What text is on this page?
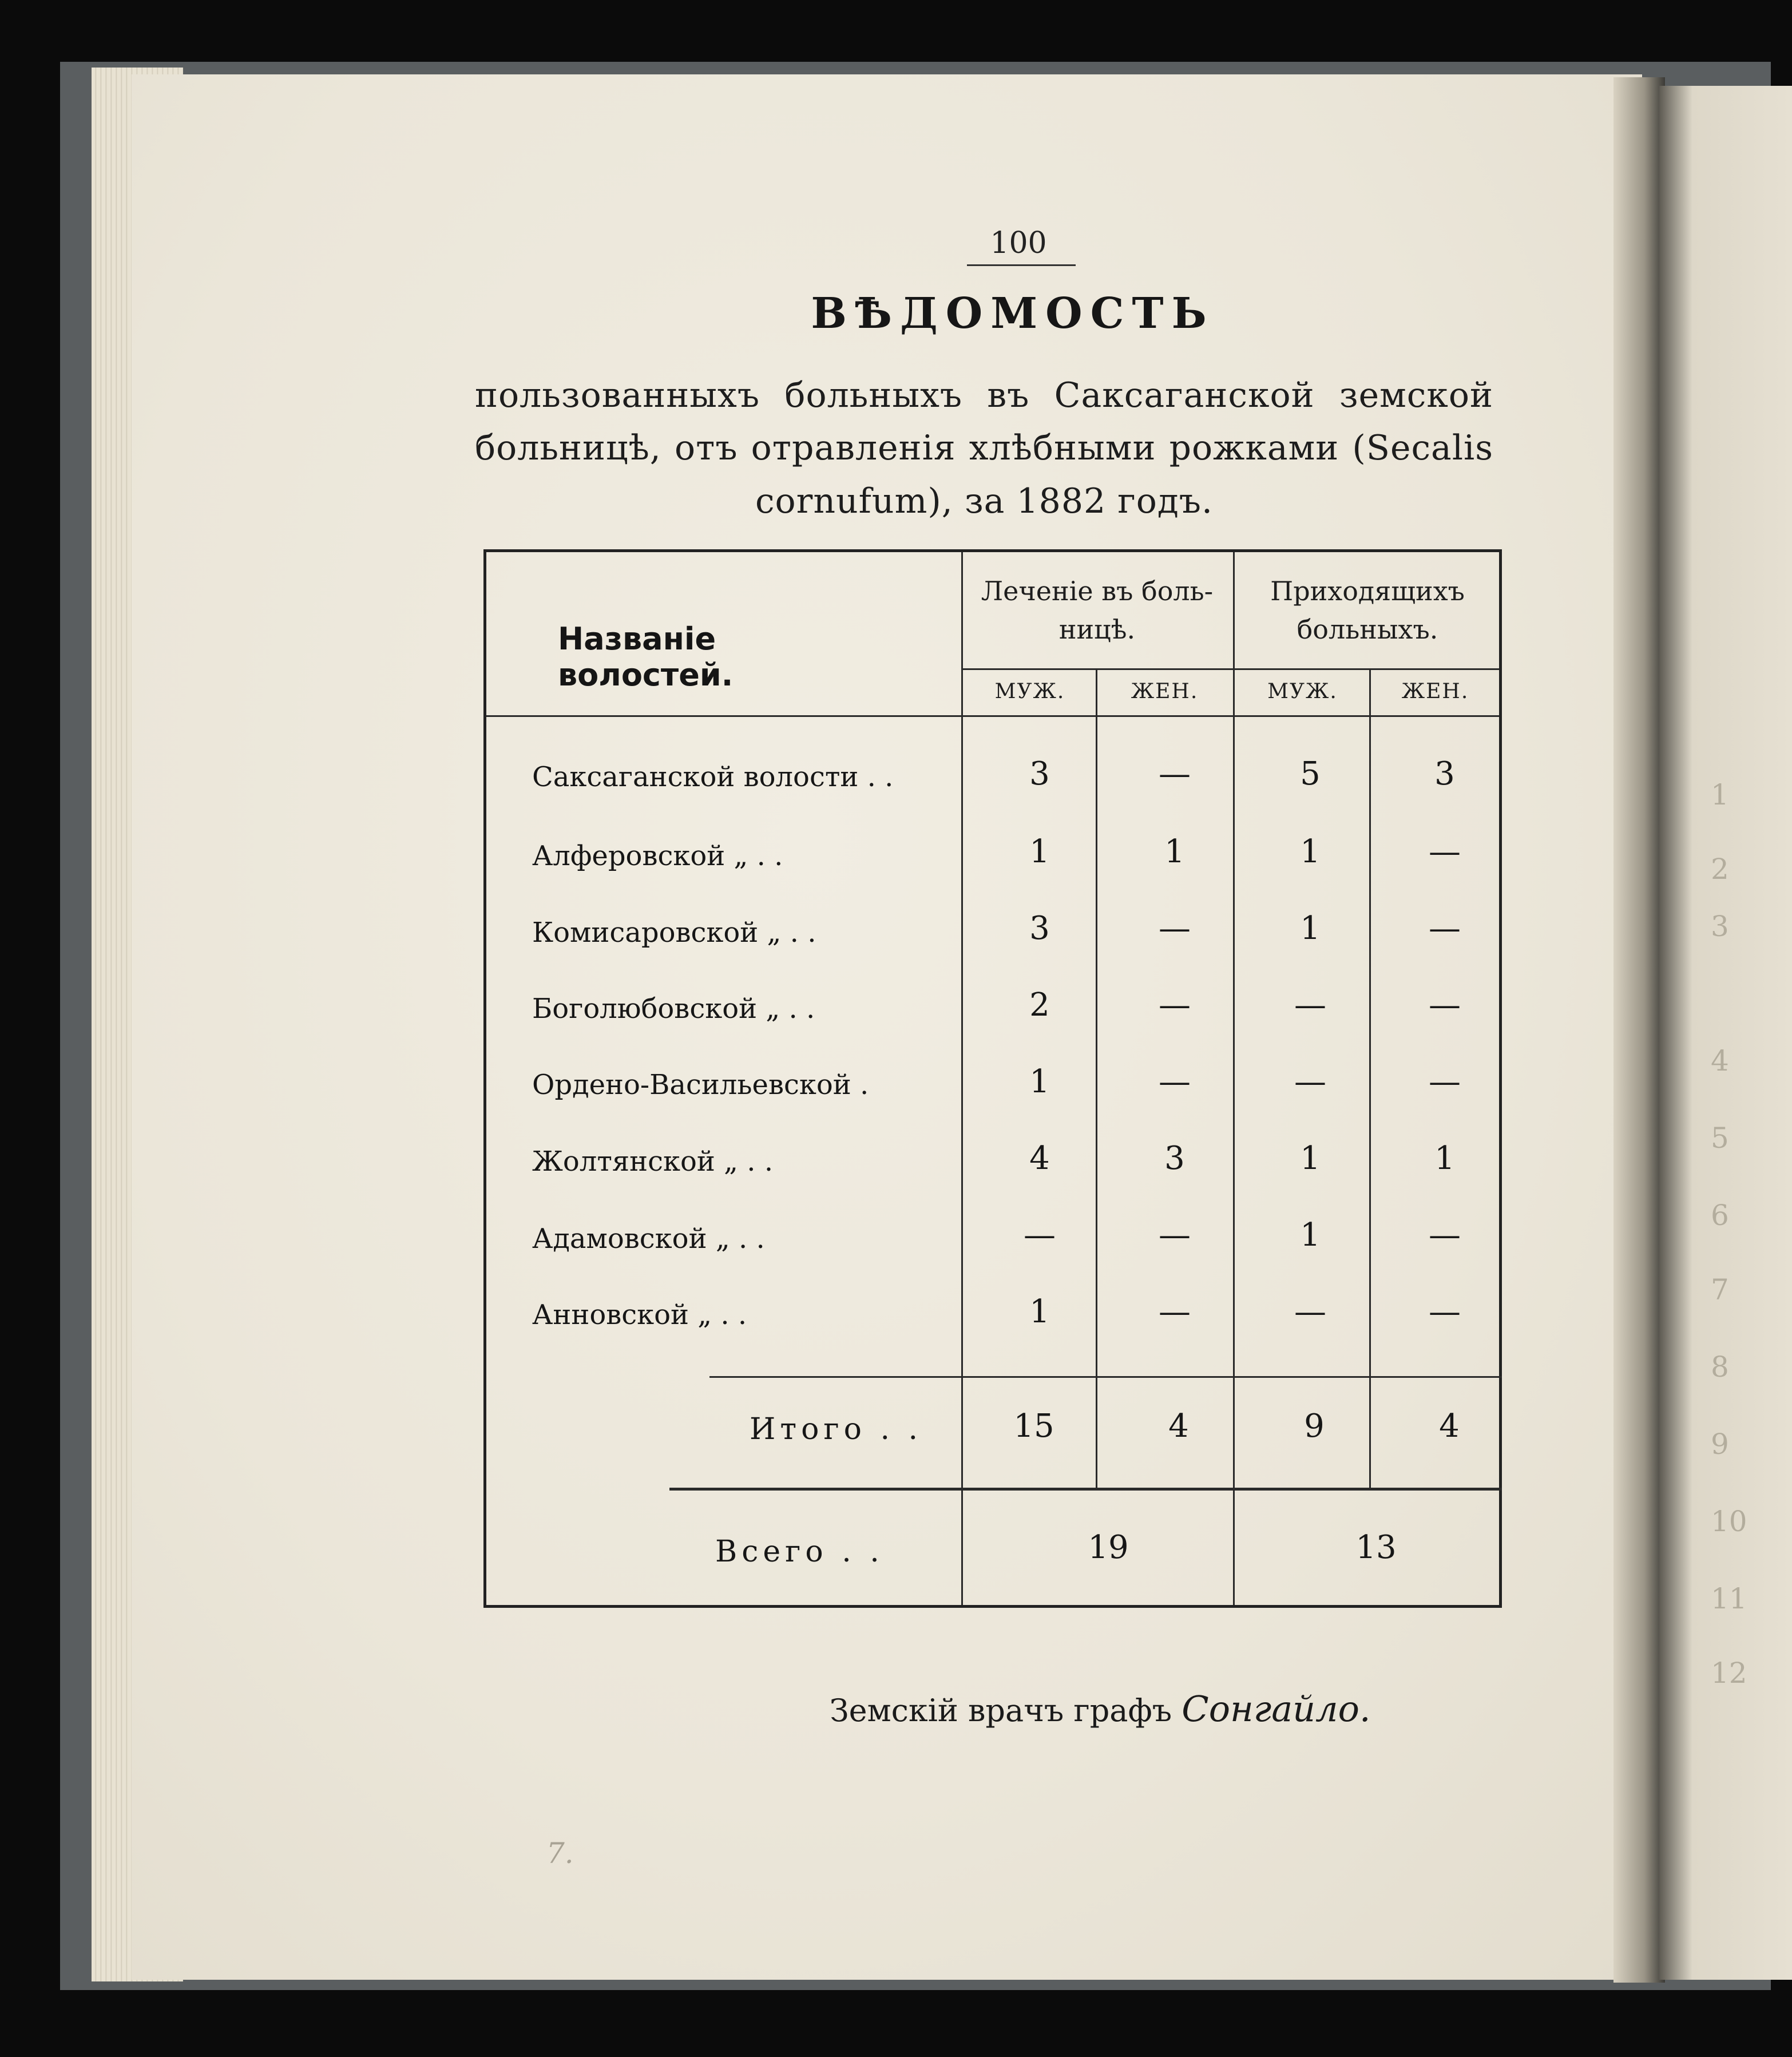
1
2
3
4
5
6
7
8
9
10
11
12
100
ВѢДОМОСТЬ
пользованныхъ больныхъ въ Саксаганской земской больницѣ, отъ отравленія хлѣбными рожками (Secalis cornufum), за 1882 годъ.
Названіе волостей.
Леченіе въ боль- ницѣ.
Приходящихъ больныхъ.
МУЖ.	ЖЕН.	МУЖ.	ЖЕН.
Саксаганской волости . .	3	—	5	3
Алферовской „ . .	1	1	1	—
Комисаровской „ . .	3	—	1	—
Боголюбовской „ . .	2	—	—	—
Ордено-Васильевской .	1	—	—	—
Жолтянской „ . .	4	3	1	1
Адамовской „ . .	—	—	1	—
Анновской „ . .	1	—	—	—
Итого . .	15	4	9	4
Всего . .	19	13
Земскій врачъ графъ Сонгайло.
7.
